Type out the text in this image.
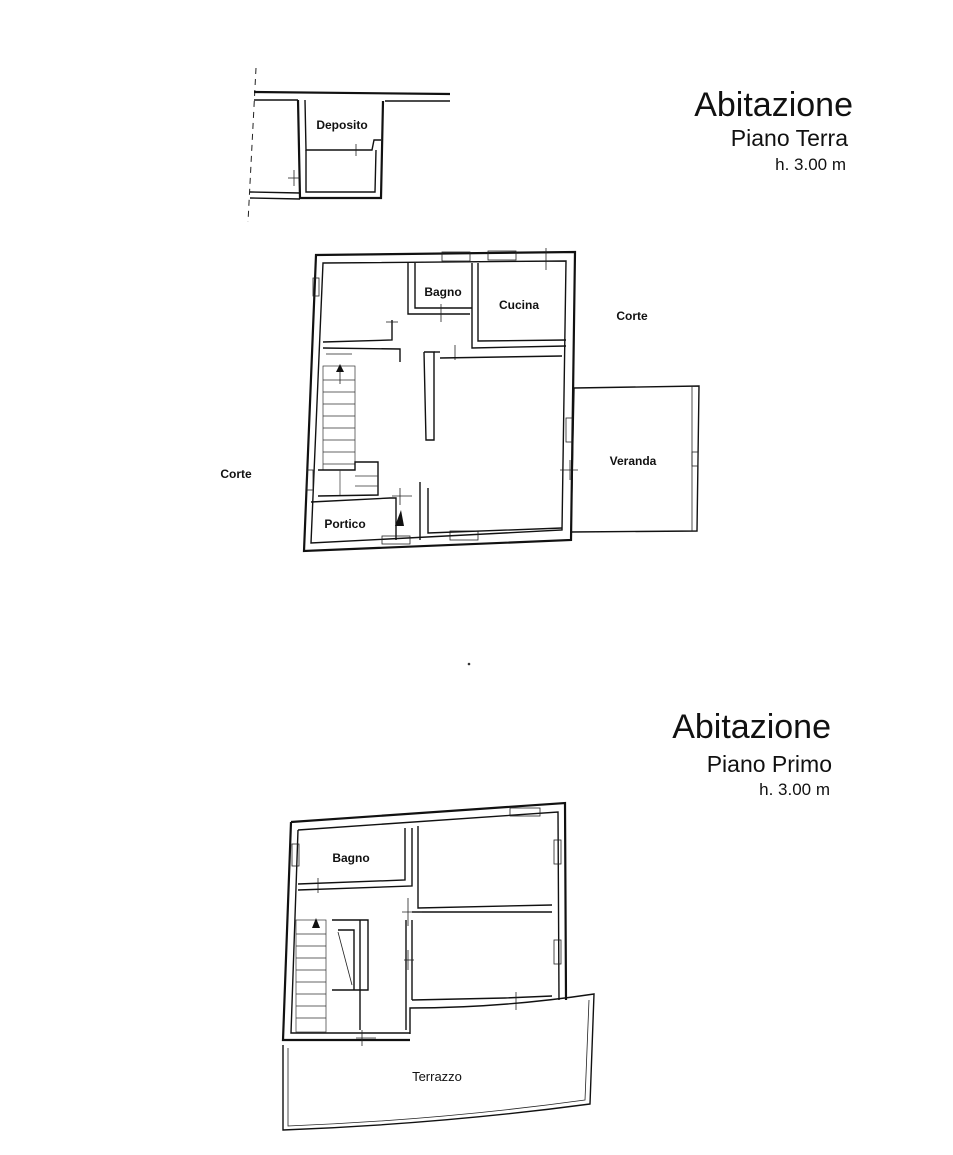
Abitazione
Piano Terra
h. 3.00 m
Deposito
Bagno
Cucina
Portico
Veranda
Corte
Corte
Abitazione
Piano Primo
h. 3.00 m
Terrazzo
Bagno
